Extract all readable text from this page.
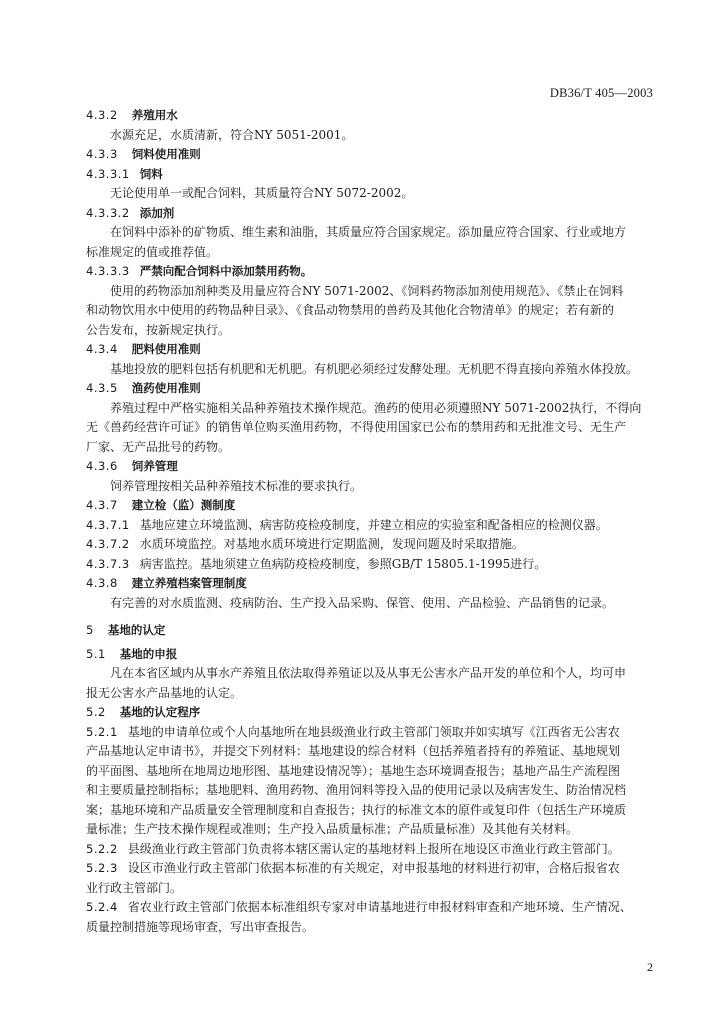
DB36/T 405—2003
4.3.2 养殖用水
水源充足，水质清新，符合NY 5051-2001。
4.3.3 饲料使用准则
4.3.3.1 饲料
无论使用单一或配合饲料，其质量符合NY 5072-2002。
4.3.3.2 添加剂
在饲料中添补的矿物质、维生素和油脂，其质量应符合国家规定。添加量应符合国家、行业或地方
标准规定的值或推荐值。
4.3.3.3 严禁向配合饲料中添加禁用药物。
使用的药物添加剂种类及用量应符合NY 5071-2002、《饲料药物添加剂使用规范》、《禁止在饲料
和动物饮用水中使用的药物品种目录》、《食品动物禁用的兽药及其他化合物清单》的规定；若有新的
公告发布，按新规定执行。
4.3.4 肥料使用准则
基地投放的肥料包括有机肥和无机肥。有机肥必须经过发酵处理。无机肥不得直接向养殖水体投放。
4.3.5 渔药使用准则
养殖过程中严格实施相关品种养殖技术操作规范。渔药的使用必须遵照NY 5071-2002执行，不得向
无《兽药经营许可证》的销售单位购买渔用药物，不得使用国家已公布的禁用药和无批准文号、无生产
厂家、无产品批号的药物。
4.3.6 饲养管理
饲养管理按相关品种养殖技术标准的要求执行。
4.3.7 建立检（监）测制度
4.3.7.1 基地应建立环境监测、病害防疫检疫制度，并建立相应的实验室和配备相应的检测仪器。
4.3.7.2 水质环境监控。对基地水质环境进行定期监测，发现问题及时采取措施。
4.3.7.3 病害监控。基地须建立鱼病防疫检疫制度，参照GB/T 15805.1-1995进行。
4.3.8 建立养殖档案管理制度
有完善的对水质监测、疫病防治、生产投入品采购、保管、使用、产品检验、产品销售的记录。
5 基地的认定
5.1 基地的申报
凡在本省区域内从事水产养殖且依法取得养殖证以及从事无公害水产品开发的单位和个人，均可申
报无公害水产品基地的认定。
5.2 基地的认定程序
5.2.1 基地的申请单位或个人向基地所在地县级渔业行政主管部门领取并如实填写《江西省无公害农
产品基地认定申请书》，并提交下列材料：基地建设的综合材料（包括养殖者持有的养殖证、基地规划
的平面图、基地所在地周边地形图、基地建设情况等）；基地生态环境调查报告；基地产品生产流程图
和主要质量控制指标；基地肥料、渔用药物、渔用饲料等投入品的使用记录以及病害发生、防治情况档
案；基地环境和产品质量安全管理制度和自查报告；执行的标准文本的原件或复印件（包括生产环境质
量标准；生产技术操作规程或准则；生产投入品质量标准；产品质量标准）及其他有关材料。
5.2.2 县级渔业行政主管部门负责将本辖区需认定的基地材料上报所在地设区市渔业行政主管部门。
5.2.3 设区市渔业行政主管部门依据本标准的有关规定，对申报基地的材料进行初审，合格后报省农
业行政主管部门。
5.2.4 省农业行政主管部门依据本标准组织专家对申请基地进行申报材料审查和产地环境、生产情况、
质量控制措施等现场审查，写出审查报告。
2
